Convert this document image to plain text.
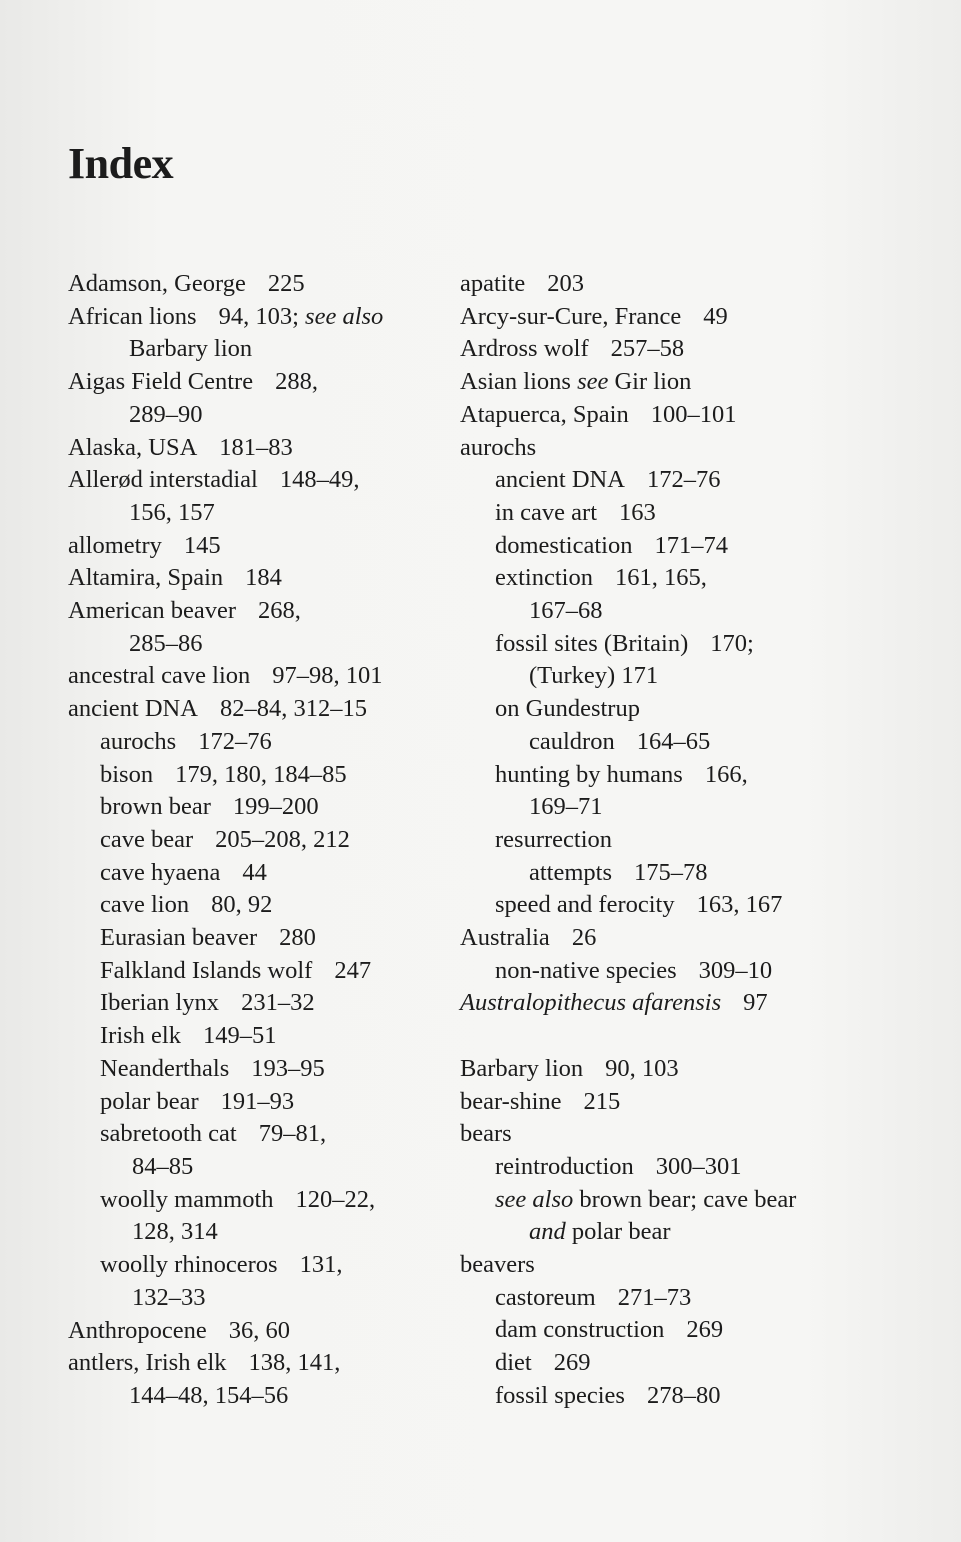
Index
Adamson, George 225
African lions 94, 103; see also
Barbary lion
Aigas Field Centre 288,
289–90
Alaska, USA 181–83
Allerød interstadial 148–49,
156, 157
allometry 145
Altamira, Spain 184
American beaver 268,
285–86
ancestral cave lion 97–98, 101
ancient DNA 82–84, 312–15
aurochs 172–76
bison 179, 180, 184–85
brown bear 199–200
cave bear 205–208, 212
cave hyaena 44
cave lion 80, 92
Eurasian beaver 280
Falkland Islands wolf 247
Iberian lynx 231–32
Irish elk 149–51
Neanderthals 193–95
polar bear 191–93
sabretooth cat 79–81,
84–85
woolly mammoth 120–22,
128, 314
woolly rhinoceros 131,
132–33
Anthropocene 36, 60
antlers, Irish elk 138, 141,
144–48, 154–56
apatite 203
Arcy-sur-Cure, France 49
Ardross wolf 257–58
Asian lions see Gir lion
Atapuerca, Spain 100–101
aurochs
ancient DNA 172–76
in cave art 163
domestication 171–74
extinction 161, 165,
167–68
fossil sites (Britain) 170;
(Turkey) 171
on Gundestrup
cauldron 164–65
hunting by humans 166,
169–71
resurrection
attempts 175–78
speed and ferocity 163, 167
Australia 26
non-native species 309–10
Australopithecus afarensis 97
Barbary lion 90, 103
bear-shine 215
bears
reintroduction 300–301
see also brown bear; cave bear
and polar bear
beavers
castoreum 271–73
dam construction 269
diet 269
fossil species 278–80
